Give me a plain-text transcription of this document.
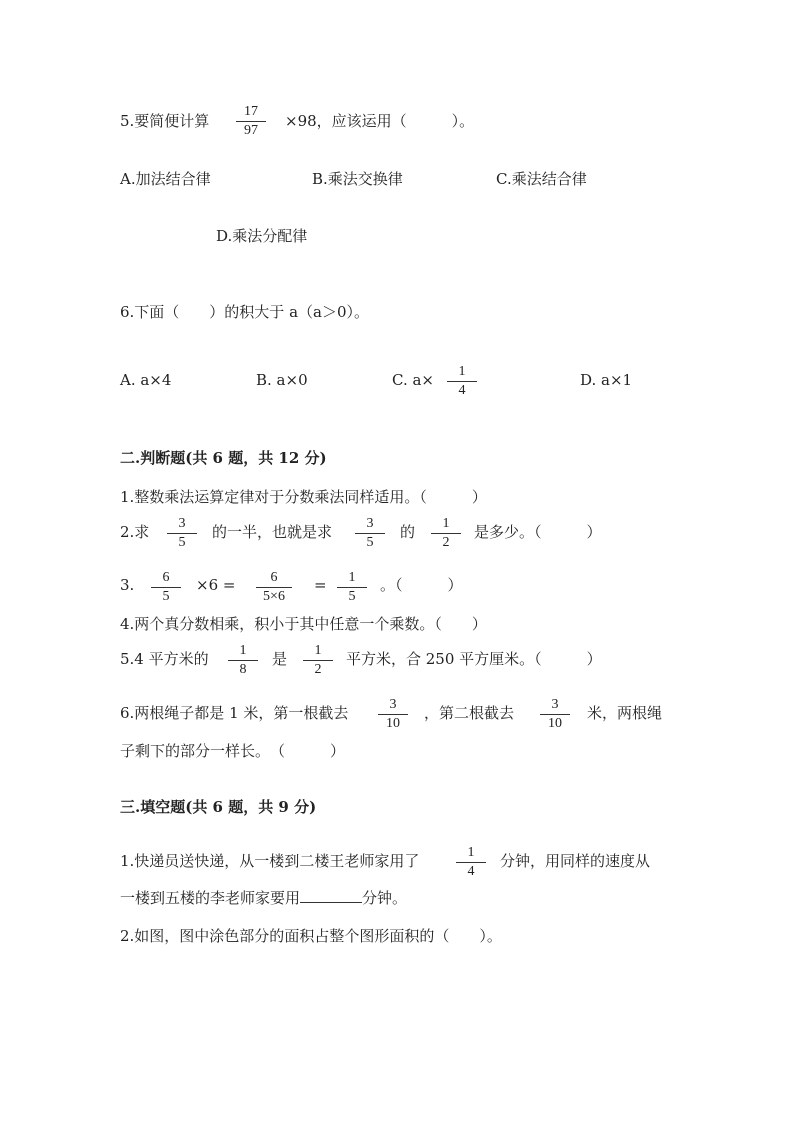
5.要简便计算 $\frac{17}{97} \times 98$，应该运用（　　　）。
A.加法结合律	B.乘法交换律	C.乘法结合律
D.乘法分配律
6.下面（　　）的积大于 a（a＞0）。
A. a×4	B. a×0	C. $a\times \frac{1}{4}$	D. a×1
二.判断题(共 6 题，共 12 分)
1.整数乘法运算定律对于分数乘法同样适用。（　　　）
2.求 $\frac{3}{5}$ 的一半，也就是求 $\frac{3}{5}$ 的 $\frac{1}{2}$ 是多少。（　　　）
3. $\frac{6}{5} \times 6 = \frac{6}{5\times 6} = \frac{1}{5}$ 。（　　　）
4.两个真分数相乘，积小于其中任意一个乘数。（　　）
5.4 平方米的 $\frac{1}{8}$ 是 $\frac{1}{2}$ 平方米，合 250 平方厘米。（　　　）
6.两根绳子都是 1 米，第一根截去 $\frac{3}{10}$ ，第二根截去 $\frac{3}{10}$ 米，两根绳
子剩下的部分一样长。　（　　　）
三.填空题(共 6 题，共 9 分)
1.快递员送快递，从一楼到二楼王老师家用了	$\frac{1}{4}$ 分钟，用同样的速度从
一楼到五楼的李老师家要用	分钟。
2.如图，图中涂色部分的面积占整个图形面积的（　　）。
